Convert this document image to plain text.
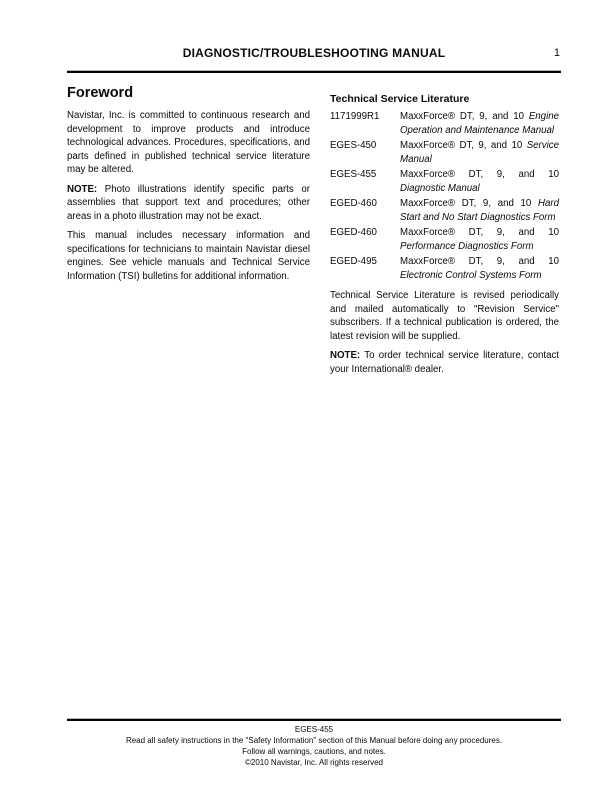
DIAGNOSTIC/TROUBLESHOOTING MANUAL	1
Foreword

Navistar, Inc. is committed to continuous research and development to improve products and introduce technological advances. Procedures, specifications, and parts defined in published technical service literature may be altered.

NOTE: Photo illustrations identify specific parts or assemblies that support text and procedures; other areas in a photo illustration may not be exact.

This manual includes necessary information and specifications for technicians to maintain Navistar diesel engines. See vehicle manuals and Technical Service Information (TSI) bulletins for additional information.

Technical Service Literature
1171999R1	MaxxForce® DT, 9, and 10 Engine Operation and Maintenance Manual
EGES-450	MaxxForce® DT, 9, and 10 Service Manual
EGES-455	MaxxForce® DT, 9, and 10 Diagnostic Manual
EGED-460	MaxxForce® DT, 9, and 10 Hard Start and No Start Diagnostics Form
EGED-460	MaxxForce® DT, 9, and 10 Performance Diagnostics Form
EGED-495	MaxxForce® DT, 9, and 10 Electronic Control Systems Form

Technical Service Literature is revised periodically and mailed automatically to "Revision Service" subscribers. If a technical publication is ordered, the latest revision will be supplied.

NOTE: To order technical service literature, contact your International® dealer.

EGES-455
Read all safety instructions in the "Safety Information" section of this Manual before doing any procedures.
Follow all warnings, cautions, and notes.
©2010 Navistar, Inc. All rights reserved
